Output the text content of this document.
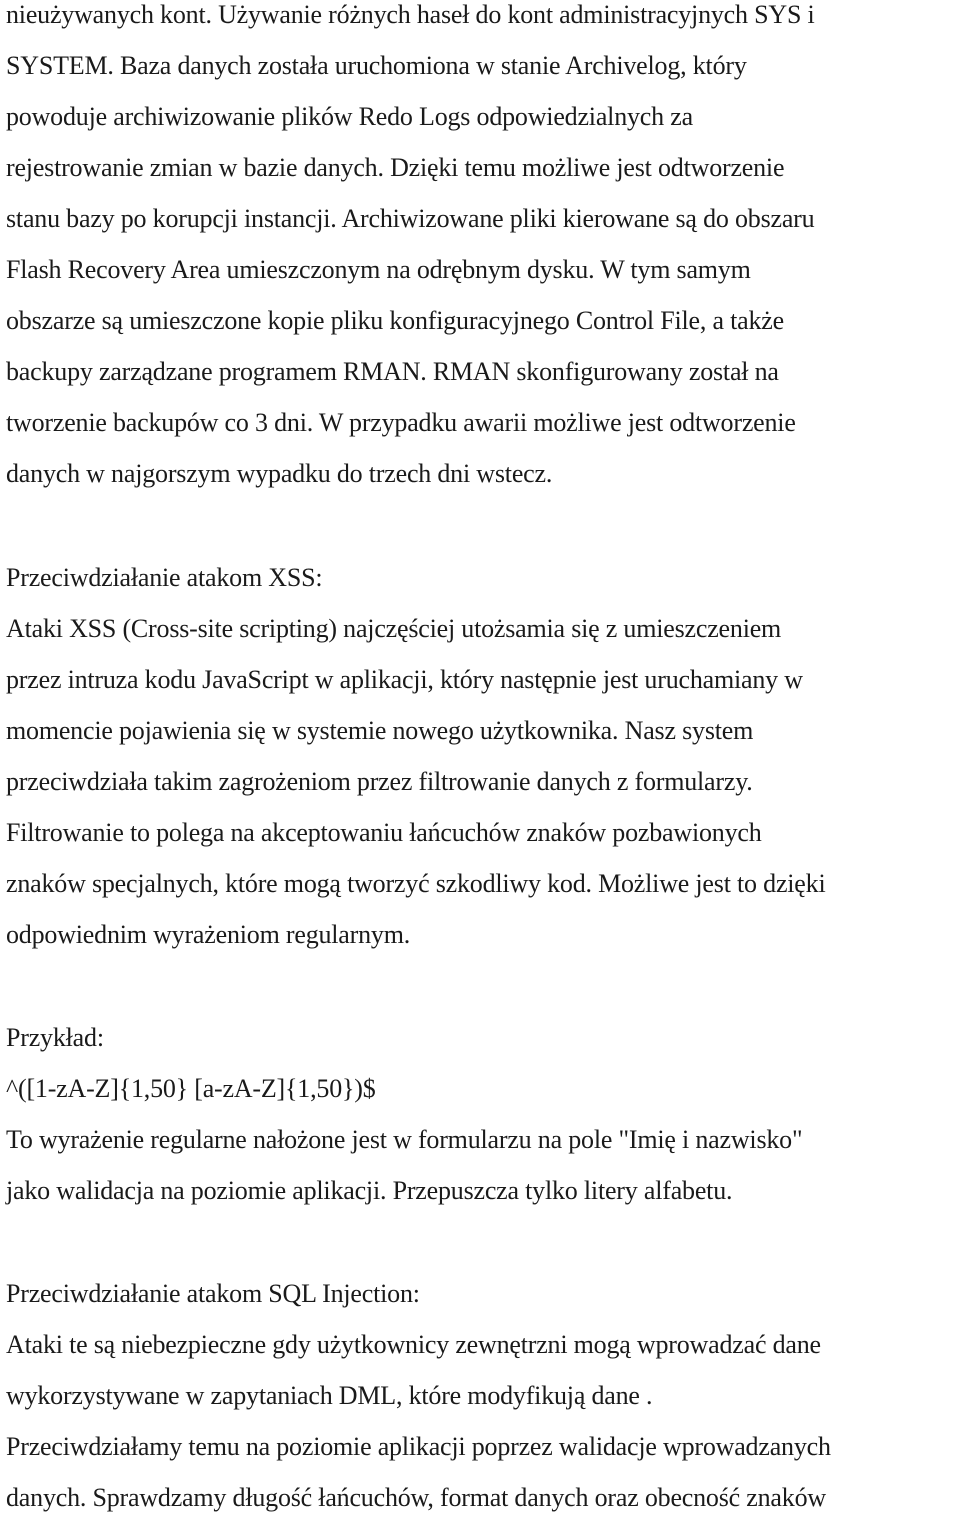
nieużywanych kont. Używanie różnych haseł do kont administracyjnych SYS i

SYSTEM. Baza danych została uruchomiona w stanie Archivelog, który

powoduje archiwizowanie plików Redo Logs odpowiedzialnych za

rejestrowanie zmian w bazie danych. Dzięki temu możliwe jest odtworzenie

stanu bazy po korupcji instancji. Archiwizowane pliki kierowane są do obszaru

Flash Recovery Area umieszczonym na odrębnym dysku. W tym samym

obszarze są umieszczone kopie pliku konfiguracyjnego Control File, a także

backupy zarządzane programem RMAN. RMAN skonfigurowany został na

tworzenie backupów co 3 dni. W przypadku awarii możliwe jest odtworzenie

danych w najgorszym wypadku do trzech dni wstecz.

Przeciwdziałanie atakom XSS:

Ataki XSS (Cross-site scripting) najczęściej utożsamia się z umieszczeniem

przez intruza kodu JavaScript w aplikacji, który następnie jest uruchamiany w

momencie pojawienia się w systemie nowego użytkownika. Nasz system

przeciwdziała takim zagrożeniom przez filtrowanie danych z formularzy.

Filtrowanie to polega na akceptowaniu łańcuchów znaków pozbawionych

znaków specjalnych, które mogą tworzyć szkodliwy kod. Możliwe jest to dzięki

odpowiednim wyrażeniom regularnym.

Przykład:

^([1-zA-Z]{1,50} [a-zA-Z]{1,50})$

To wyrażenie regularne nałożone jest w formularzu na pole "Imię i nazwisko"

jako walidacja na poziomie aplikacji. Przepuszcza tylko litery alfabetu.

Przeciwdziałanie atakom SQL Injection:

Ataki te są niebezpieczne gdy użytkownicy zewnętrzni mogą wprowadzać dane

wykorzystywane w zapytaniach DML, które modyfikują dane .

Przeciwdziałamy temu na poziomie aplikacji poprzez walidacje wprowadzanych

danych. Sprawdzamy długość łańcuchów, format danych oraz obecność znaków
